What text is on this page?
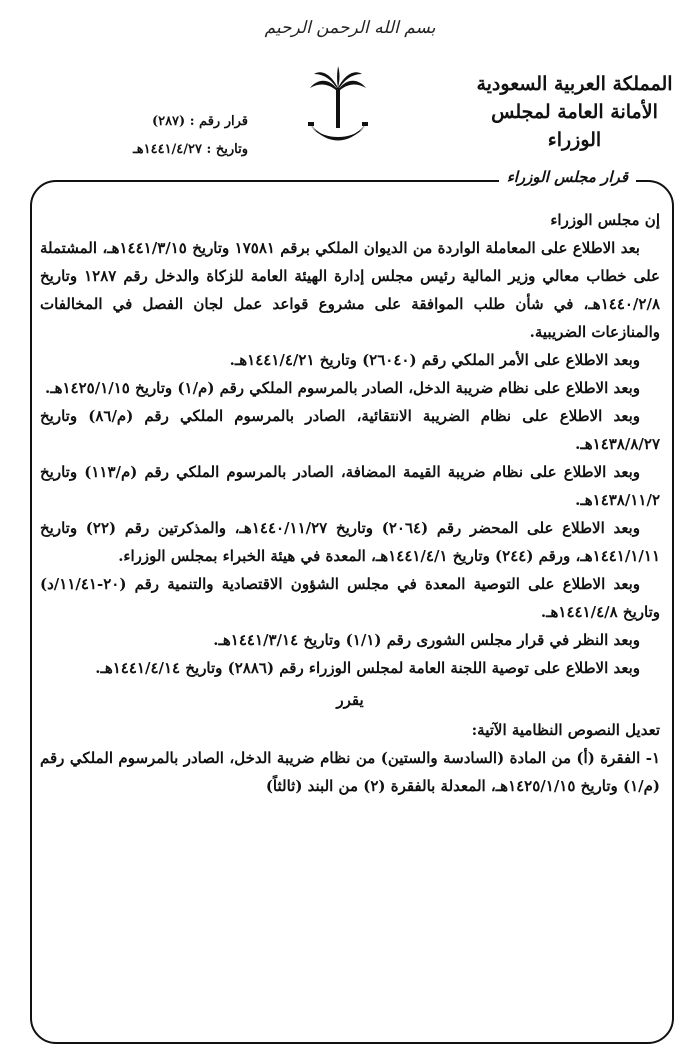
بسم الله الرحمن الرحيم
المملكة العربية السعودية
الأمانة العامة لمجلس الوزراء
قرار رقم : (٢٨٧)
وتاريخ : ١٤٤١/٤/٢٧هـ
قرار مجلس الوزراء

إن مجلس الوزراء

بعد الاطلاع على المعاملة الواردة من الديوان الملكي برقم ١٧٥٨١ وتاريخ ١٤٤١/٣/١٥هـ، المشتملة على خطاب معالي وزير المالية رئيس مجلس إدارة الهيئة العامة للزكاة والدخل رقم ١٢٨٧ وتاريخ ١٤٤٠/٢/٨هـ، في شأن طلب الموافقة على مشروع قواعد عمل لجان الفصل في المخالفات والمنازعات الضريبية.

وبعد الاطلاع على الأمر الملكي رقم (٢٦٠٤٠) وتاريخ ١٤٤١/٤/٢١هـ.

وبعد الاطلاع على نظام ضريبة الدخل، الصادر بالمرسوم الملكي رقم (م/١) وتاريخ ١٤٢٥/١/١٥هـ.

وبعد الاطلاع على نظام الضريبة الانتقائية، الصادر بالمرسوم الملكي رقم (م/٨٦) وتاريخ ١٤٣٨/٨/٢٧هـ.

وبعد الاطلاع على نظام ضريبة القيمة المضافة، الصادر بالمرسوم الملكي رقم (م/١١٣) وتاريخ ١٤٣٨/١١/٢هـ.

وبعد الاطلاع على المحضر رقم (٢٠٦٤) وتاريخ ١٤٤٠/١١/٢٧هـ، والمذكرتين رقم (٢٢) وتاريخ ١٤٤١/١/١١هـ، ورقم (٢٤٤) وتاريخ ١٤٤١/٤/١هـ، المعدة في هيئة الخبراء بمجلس الوزراء.

وبعد الاطلاع على التوصية المعدة في مجلس الشؤون الاقتصادية والتنمية رقم (٢٠-١١/٤١/د) وتاريخ ١٤٤١/٤/٨هـ.

وبعد النظر في قرار مجلس الشورى رقم (١/١) وتاريخ ١٤٤١/٣/١٤هـ.

وبعد الاطلاع على توصية اللجنة العامة لمجلس الوزراء رقم (٢٨٨٦) وتاريخ ١٤٤١/٤/١٤هـ.

يقرر

تعديل النصوص النظامية الآتية:

١- الفقرة (أ) من المادة (السادسة والستين) من نظام ضريبة الدخل، الصادر بالمرسوم الملكي رقم (م/١) وتاريخ ١٤٢٥/١/١٥هـ، المعدلة بالفقرة (٢) من البند (ثالثاً)
